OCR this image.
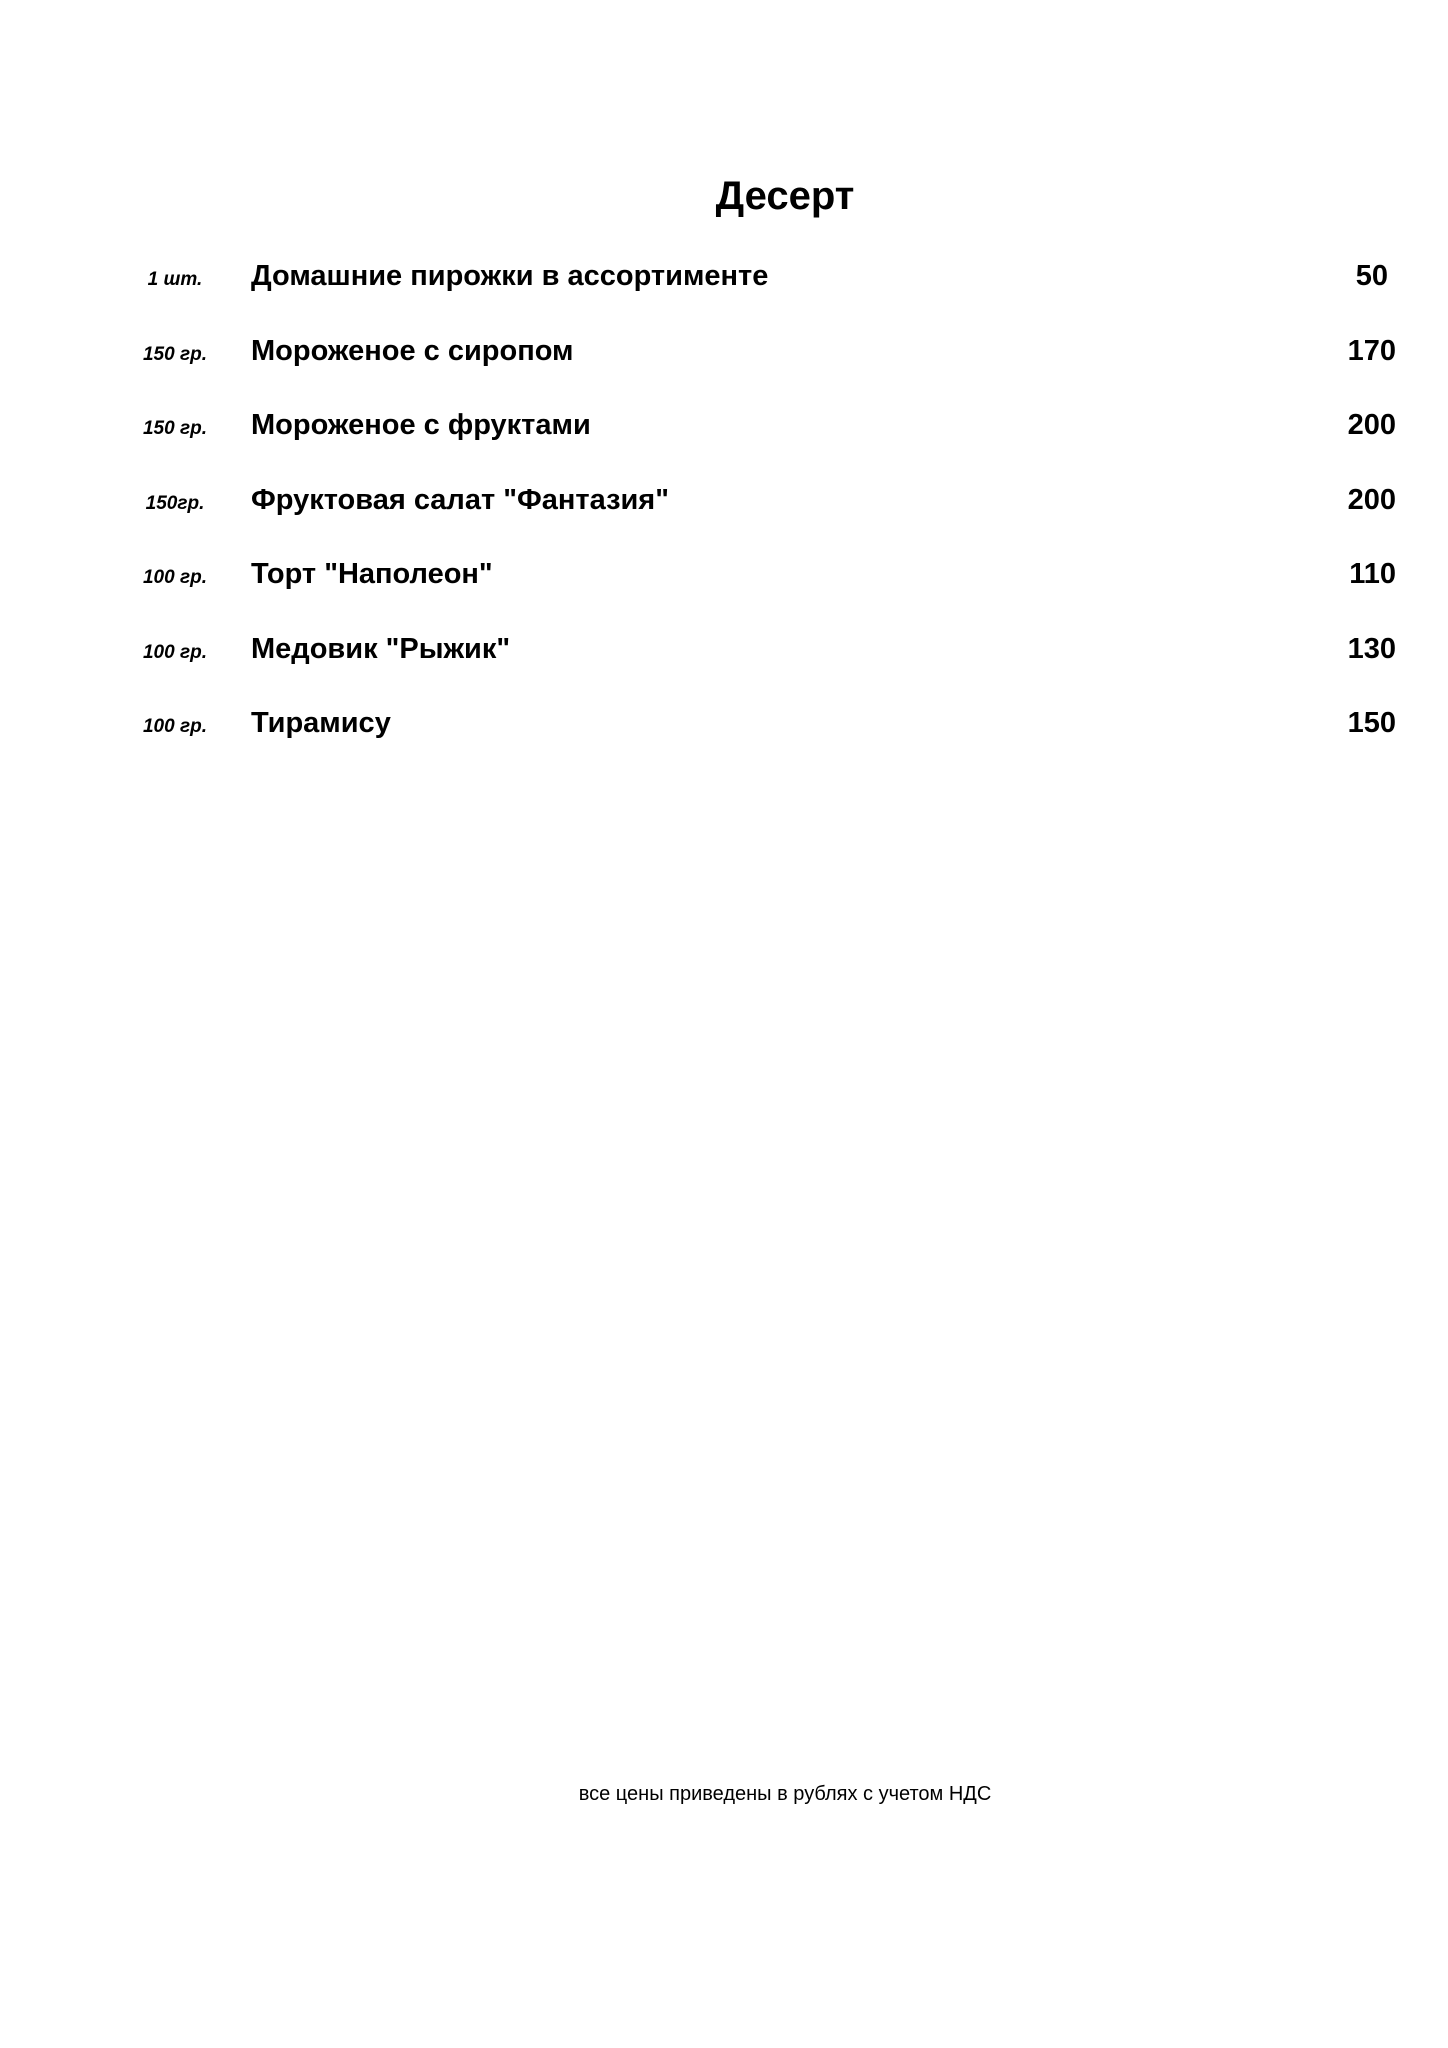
Десерт
1 шт.	Домашние пирожки в ассортименте	50
150 гр.	Мороженое с сиропом	170
150 гр.	Мороженое с фруктами	200
150гр.	Фруктовая салат "Фантазия"	200
100 гр.	Торт "Наполеон"	110
100 гр.	Медовик "Рыжик"	130
100 гр.	Тирамису	150
все цены приведены в рублях с учетом НДС
